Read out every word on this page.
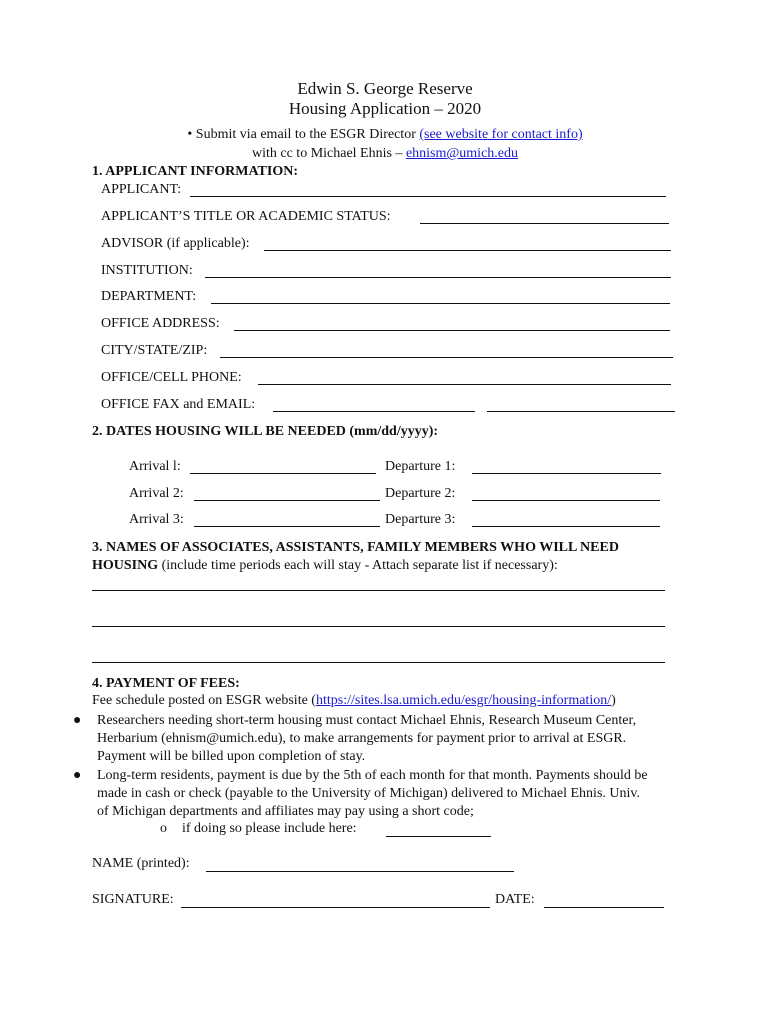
Edwin S. George Reserve
Housing Application – 2020
• Submit via email to the ESGR Director (see website for contact info)
with cc to Michael Ehnis – ehnism@umich.edu
1. APPLICANT INFORMATION:
APPLICANT:
APPLICANT’S TITLE OR ACADEMIC STATUS:
ADVISOR (if applicable):
INSTITUTION:
DEPARTMENT:
OFFICE ADDRESS:
CITY/STATE/ZIP:
OFFICE/CELL PHONE:
OFFICE FAX and EMAIL:
2. DATES HOUSING WILL BE NEEDED (mm/dd/yyyy):
Arrival l:	Departure 1:
Arrival 2:	Departure 2:
Arrival 3:	Departure 3:
3. NAMES OF ASSOCIATES, ASSISTANTS, FAMILY MEMBERS WHO WILL NEED
HOUSING (include time periods each will stay - Attach separate list if necessary):
4. PAYMENT OF FEES:
Fee schedule posted on ESGR website (https://sites.lsa.umich.edu/esgr/housing-information/)
● Researchers needing short-term housing must contact Michael Ehnis, Research Museum Center,
Herbarium (ehnism@umich.edu), to make arrangements for payment prior to arrival at ESGR.
Payment will be billed upon completion of stay.
● Long-term residents, payment is due by the 5th of each month for that month. Payments should be
made in cash or check (payable to the University of Michigan) delivered to Michael Ehnis. Univ.
of Michigan departments and affiliates may pay using a short code;
o if doing so please include here:
NAME (printed):
SIGNATURE:	DATE:
